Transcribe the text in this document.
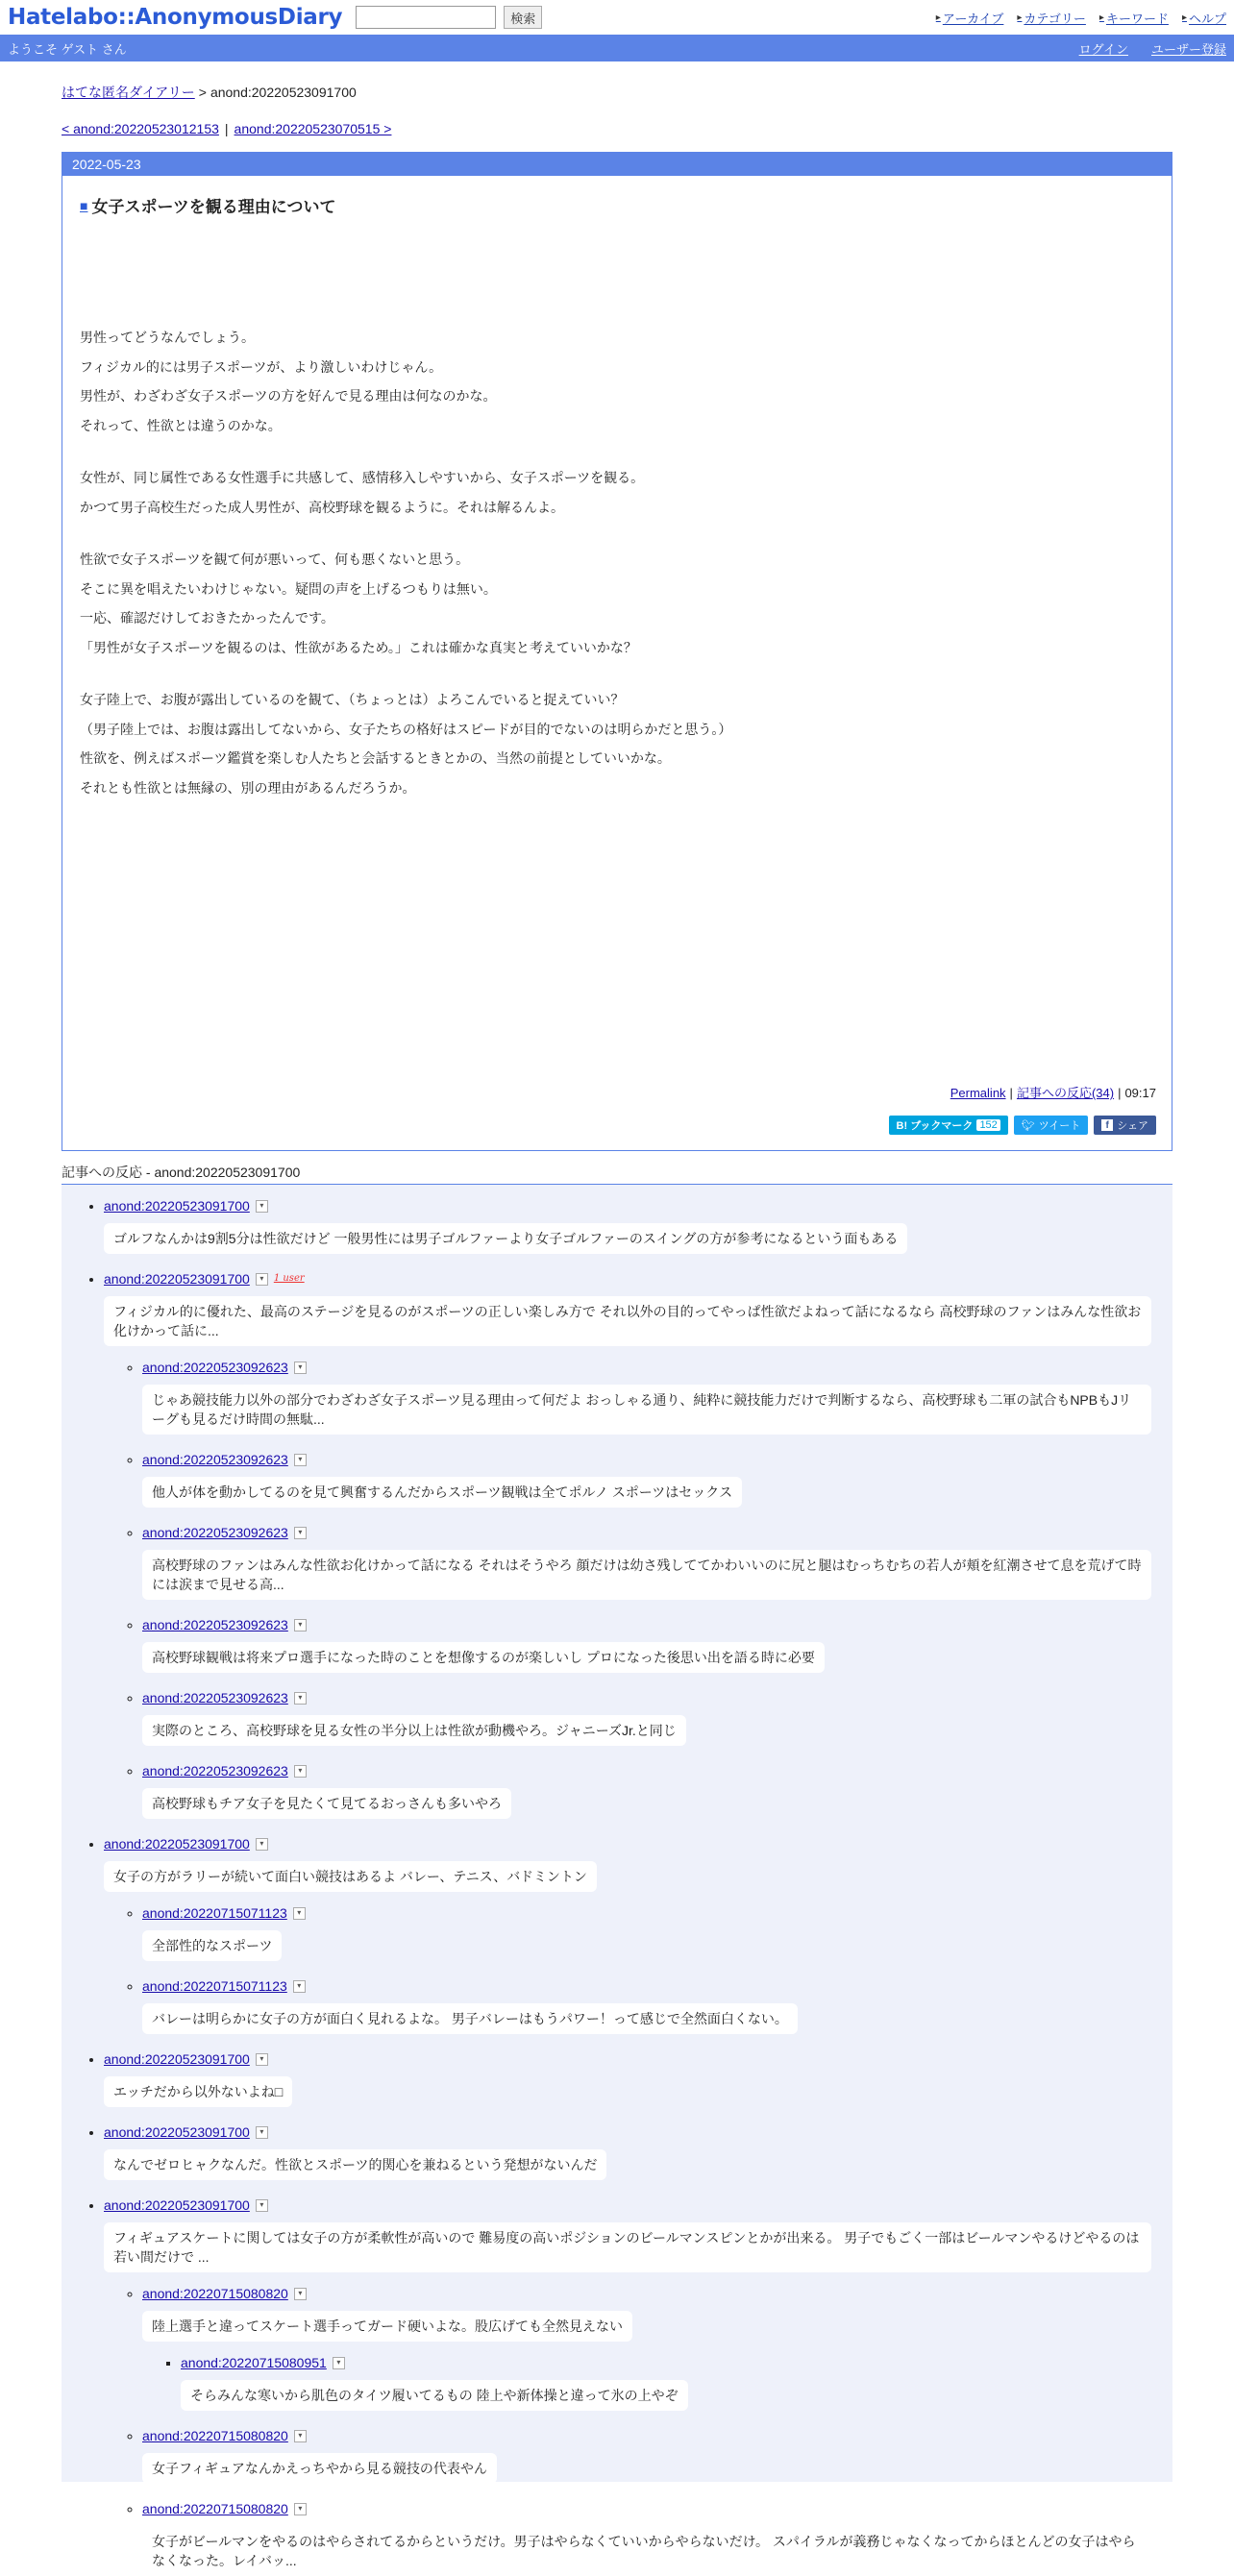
Hatelabo::AnonymousDiary	検索	▸ アーカイブ ▸ カテゴリー ▸ キーワード ▸ ヘルプ
ようこそ ゲスト さん	ログイン ユーザー登録
はてな匿名ダイアリー > anond:20220523091700
< anond:20220523012153 | anond:20220523070515 >
2022-05-23
■ 女子スポーツを観る理由について

男性ってどうなんでしょう。
フィジカル的には男子スポーツが、より激しいわけじゃん。
男性が、わざわざ女子スポーツの方を好んで見る理由は何なのかな。
それって、性欲とは違うのかな。

女性が、同じ属性である女性選手に共感して、感情移入しやすいから、女子スポーツを観る。
かつて男子高校生だった成人男性が、高校野球を観るように。それは解るんよ。

性欲で女子スポーツを観て何が悪いって、何も悪くないと思う。
そこに異を唱えたいわけじゃない。疑問の声を上げるつもりは無い。
一応、確認だけしておきたかったんです。
「男性が女子スポーツを観るのは、性欲があるため。」これは確かな真実と考えていいかな？

女子陸上で、お腹が露出しているのを観て、（ちょっとは）よろこんでいると捉えていい？
（男子陸上では、お腹は露出してないから、女子たちの格好はスピードが目的でないのは明らかだと思う。）
性欲を、例えばスポーツ鑑賞を楽しむ人たちと会話するときとかの、当然の前提としていいかな。
それとも性欲とは無縁の、別の理由があるんだろうか。

Permalink | 記事への反応(34) | 09:17
B! ブックマーク 152 🐦︎ ツイート	f シェア
記事への反応 - anond:20220523091700
• anond:20220523091700	▾
ゴルフなんかは9割5分は性欲だけど 一般男性には男子ゴルファーより女子ゴルファーのスイングの方が参考になるという面もある
• anond:20220523091700	▾	1 user
フィジカル的に優れた、最高のステージを見るのがスポーツの正しい楽しみ方で それ以外の目的ってやっぱ性欲だよねって話になるなら 高校野球のファンはみんな性欲お化けかって話に...
◦ anond:20220523092623	▾
じゃあ競技能力以外の部分でわざわざ女子スポーツ見る理由って何だよ おっしゃる通り、純粋に競技能力だけで判断するなら、高校野球も二軍の試合もNPBもJリーグも見るだけ時間の無駄...
◦ anond:20220523092623	▾
他人が体を動かしてるのを見て興奮するんだからスポーツ観戦は全てポルノ スポーツはセックス
◦ anond:20220523092623	▾
高校野球のファンはみんな性欲お化けかって話になる それはそうやろ 顔だけは幼さ残しててかわいいのに尻と腿はむっちむちの若人が頬を紅潮させて息を荒げて時には涙まで見せる高...
◦ anond:20220523092623	▾
高校野球観戦は将来プロ選手になった時のことを想像するのが楽しいし プロになった後思い出を語る時に必要
◦ anond:20220523092623	▾
実際のところ、高校野球を見る女性の半分以上は性欲が動機やろ。ジャニーズJr.と同じ
◦ anond:20220523092623	▾
高校野球もチア女子を見たくて見てるおっさんも多いやろ
• anond:20220523091700	▾
女子の方がラリーが続いて面白い競技はあるよ バレー、テニス、バドミントン
◦ anond:20220715071123	▾
全部性的なスポーツ
◦ anond:20220715071123	▾
バレーは明らかに女子の方が面白く見れるよな。 男子バレーはもうパワー！って感じで全然面白くない。
• anond:20220523091700	▾
エッチだから以外ないよね□
• anond:20220523091700	▾
なんでゼロヒャクなんだ。性欲とスポーツ的関心を兼ねるという発想がないんだ
• anond:20220523091700	▾
フィギュアスケートに関しては女子の方が柔軟性が高いので 難易度の高いポジションのビールマンスピンとかが出来る。 男子でもごく一部はビールマンやるけどやるのは若い間だけで ...
◦ anond:20220715080820	▾
陸上選手と違ってスケート選手ってガード硬いよな。股広げても全然見えない
▪ anond:20220715080951	▾
そらみんな寒いから肌色のタイツ履いてるもの 陸上や新体操と違って氷の上やぞ
◦ anond:20220715080820	▾
女子フィギュアなんかえっちやから見る競技の代表やん
◦ anond:20220715080820	▾
女子がビールマンをやるのはやらされてるからというだけ。男子はやらなくていいからやらないだけ。 スパイラルが義務じゃなくなってからほとんどの女子はやらなくなった。レイバッ...
